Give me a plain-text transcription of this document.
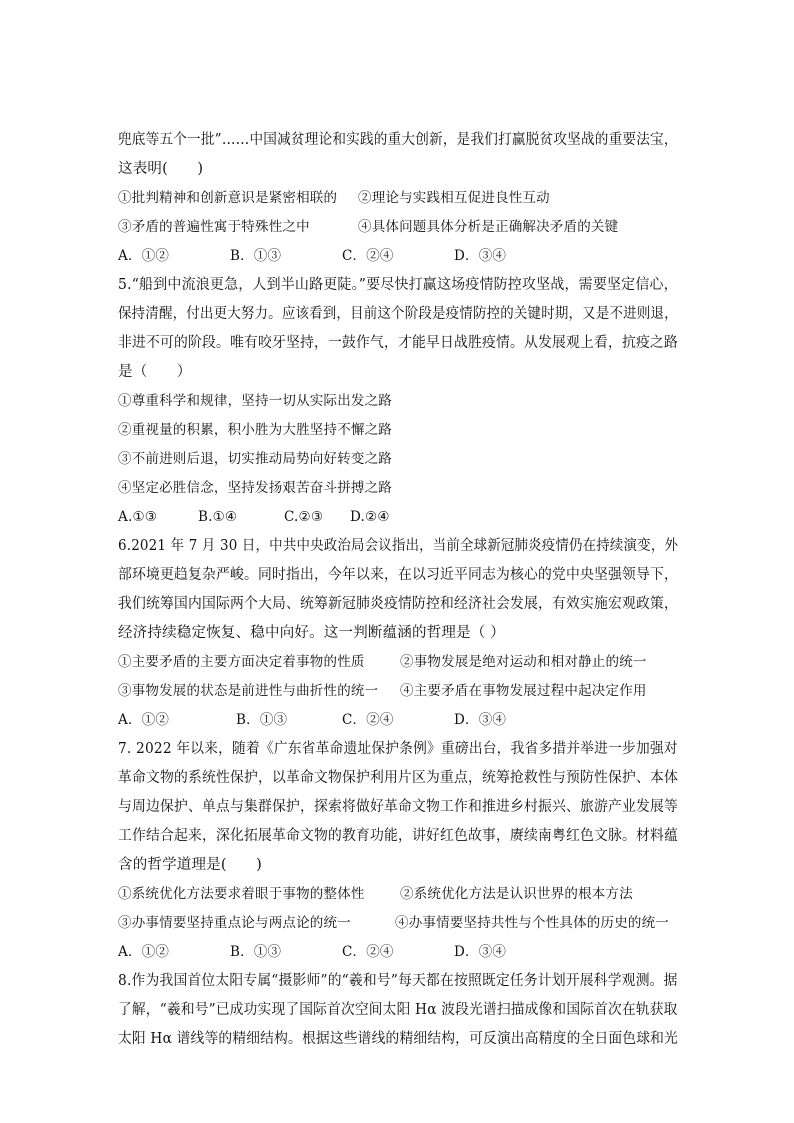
兜底等五个一批”……中国减贫理论和实践的重大创新，是我们打赢脱贫攻坚战的重要法宝，
这表明(　　)
①批判精神和创新意识是紧密相联的 ②理论与实践相互促进良性互动
③矛盾的普遍性寓于特殊性之中	④具体问题具体分析是正确解决矛盾的关键
A．①②	B．①③	C．②④	D．③④
5.“船到中流浪更急，人到半山路更陡。”要尽快打赢这场疫情防控攻坚战，需要坚定信心，
保持清醒，付出更大努力。应该看到，目前这个阶段是疫情防控的关键时期，又是不进则退，
非进不可的阶段。唯有咬牙坚持，一鼓作气，才能早日战胜疫情。从发展观上看，抗疫之路
是（　　）
①尊重科学和规律，坚持一切从实际出发之路
②重视量的积累，积小胜为大胜坚持不懈之路
③不前进则后退，切实推动局势向好转变之路
④坚定必胜信念，坚持发扬艰苦奋斗拼搏之路
A.①③	B.①④	C.②③ D.②④
6.2021 年 7 月 30 日，中共中央政治局会议指出，当前全球新冠肺炎疫情仍在持续演变，外
部环境更趋复杂严峻。同时指出，今年以来，在以习近平同志为核心的党中央坚强领导下，
我们统筹国内国际两个大局、统筹新冠肺炎疫情防控和经济社会发展，有效实施宏观政策，
经济持续稳定恢复、稳中向好。这一判断蕴涵的哲理是（ ）
①主要矛盾的主要方面决定着事物的性质	②事物发展是绝对运动和相对静止的统一
③事物发展的状态是前进性与曲折性的统一 ④主要矛盾在事物发展过程中起决定作用
A．①②	B．①③	C．②④	D．③④
7. 2022 年以来，随着《广东省革命遗址保护条例》重磅出台，我省多措并举进一步加强对
革命文物的系统性保护，以革命文物保护利用片区为重点，统筹抢救性与预防性保护、本体
与周边保护、单点与集群保护，探索将做好革命文物工作和推进乡村振兴、旅游产业发展等
工作结合起来，深化拓展革命文物的教育功能，讲好红色故事，赓续南粤红色文脉。材料蕴
含的哲学道理是(　　)
①系统优化方法要求着眼于事物的整体性	②系统优化方法是认识世界的根本方法
③办事情要坚持重点论与两点论的统一	④办事情要坚持共性与个性具体的历史的统一
A．①②	B．①③	C．②④	D．③④
8.作为我国首位太阳专属“摄影师”的“羲和号”每天都在按照既定任务计划开展科学观测。据
了解，“羲和号”已成功实现了国际首次空间太阳 Hα 波段光谱扫描成像和国际首次在轨获取
太阳 Hα 谱线等的精细结构。根据这些谱线的精细结构，可反演出高精度的全日面色球和光
